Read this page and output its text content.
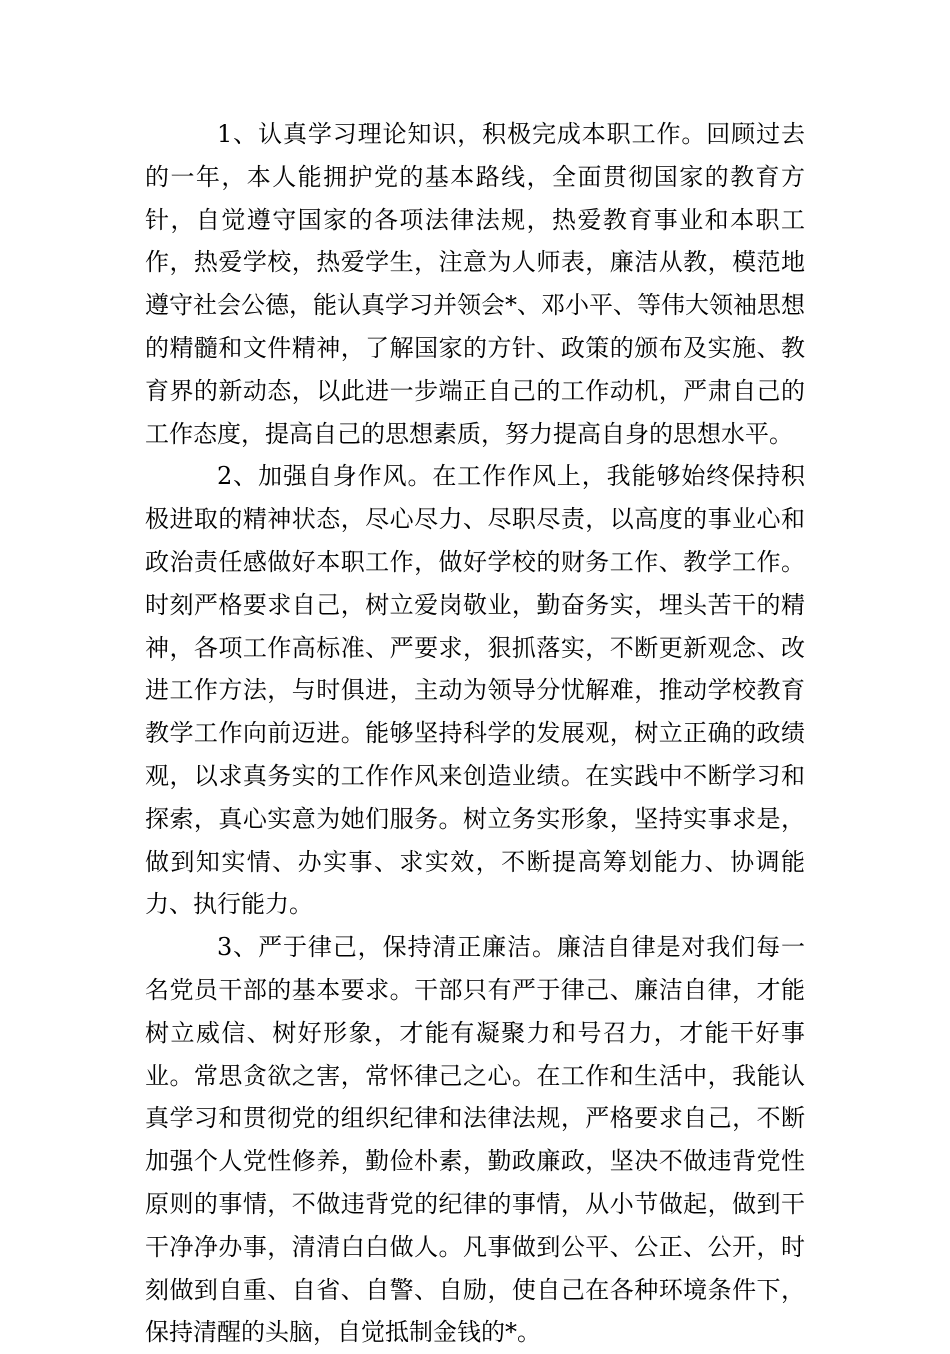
1、认真学习理论知识，积极完成本职工作。回顾过去的一年，本人能拥护党的基本路线，全面贯彻国家的教育方针，自觉遵守国家的各项法律法规，热爱教育事业和本职工作，热爱学校，热爱学生，注意为人师表，廉洁从教，模范地遵守社会公德，能认真学习并领会*、邓小平、等伟大领袖思想的精髓和文件精神，了解国家的方针、政策的颁布及实施、教育界的新动态，以此进一步端正自己的工作动机，严肃自己的工作态度，提高自己的思想素质，努力提高自身的思想水平。

2、加强自身作风。在工作作风上，我能够始终保持积极进取的精神状态，尽心尽力、尽职尽责，以高度的事业心和政治责任感做好本职工作，做好学校的财务工作、教学工作。时刻严格要求自己，树立爱岗敬业，勤奋务实，埋头苦干的精神，各项工作高标准、严要求，狠抓落实，不断更新观念、改进工作方法，与时俱进，主动为领导分忧解难，推动学校教育教学工作向前迈进。能够坚持科学的发展观，树立正确的政绩观，以求真务实的工作作风来创造业绩。在实践中不断学习和探索，真心实意为她们服务。树立务实形象，坚持实事求是，做到知实情、办实事、求实效，不断提高筹划能力、协调能力、执行能力。

3、严于律己，保持清正廉洁。廉洁自律是对我们每一名党员干部的基本要求。干部只有严于律己、廉洁自律，才能树立威信、树好形象，才能有凝聚力和号召力，才能干好事业。常思贪欲之害，常怀律己之心。在工作和生活中，我能认真学习和贯彻党的组织纪律和法律法规，严格要求自己，不断加强个人党性修养，勤俭朴素，勤政廉政，坚决不做违背党性原则的事情，不做违背党的纪律的事情，从小节做起，做到干干净净办事，清清白白做人。凡事做到公平、公正、公开，时刻做到自重、自省、自警、自励，使自己在各种环境条件下，保持清醒的头脑，自觉抵制金钱的*。
